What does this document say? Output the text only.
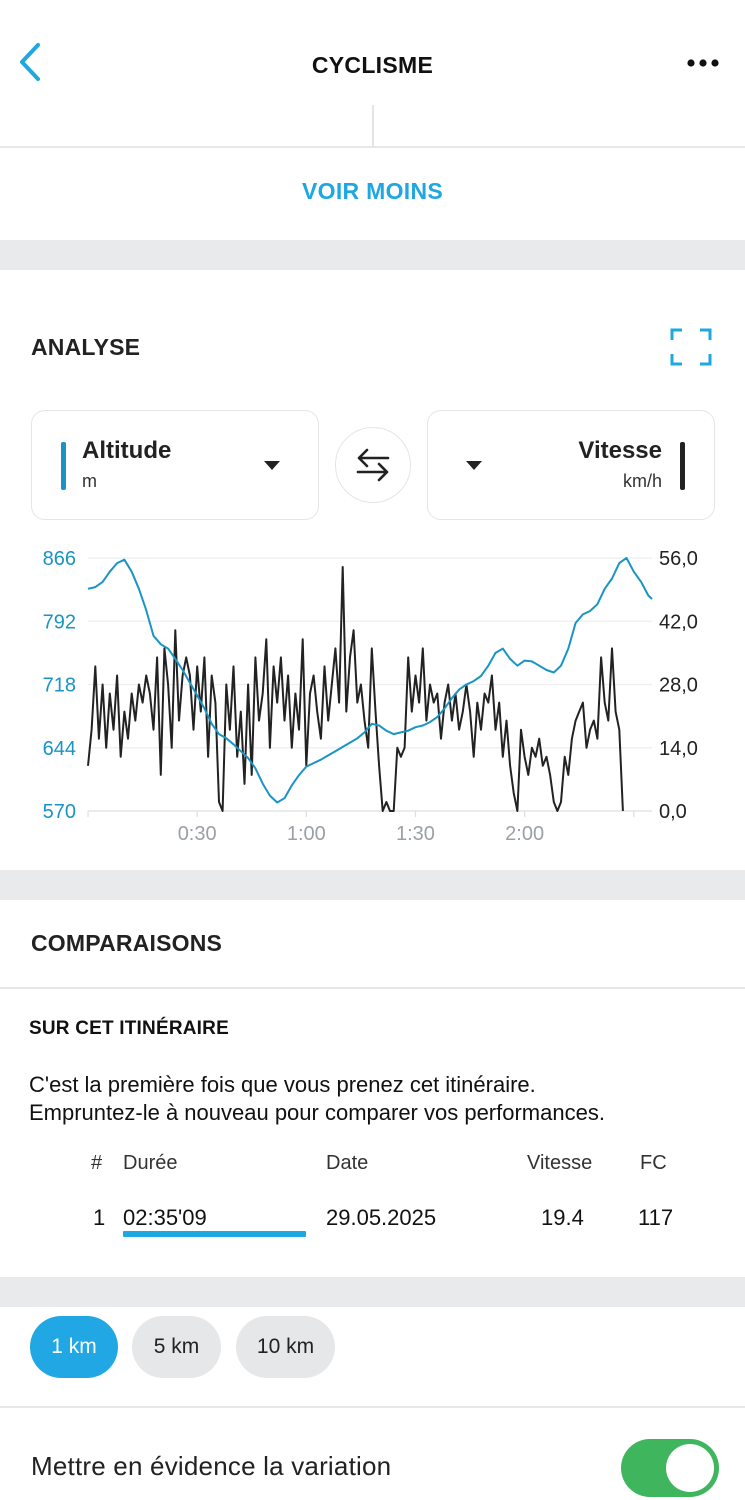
CYCLISME
VOIR MOINS
ANALYSE
Altitude
m
Vitesse
km/h
866
792
718
644
570
56,0
42,0
28,0
14,0
0,0
0:30	1:00	1:30	2:00
COMPARAISONS
SUR CET ITINÉRAIRE
C'est la première fois que vous prenez cet itinéraire.
Empruntez-le à nouveau pour comparer vos performances.
# Durée	Date	Vitesse FC
1 02:35'09	29.05.2025	19.4 117
1 km	5 km	10 km
Mettre en évidence la variation
